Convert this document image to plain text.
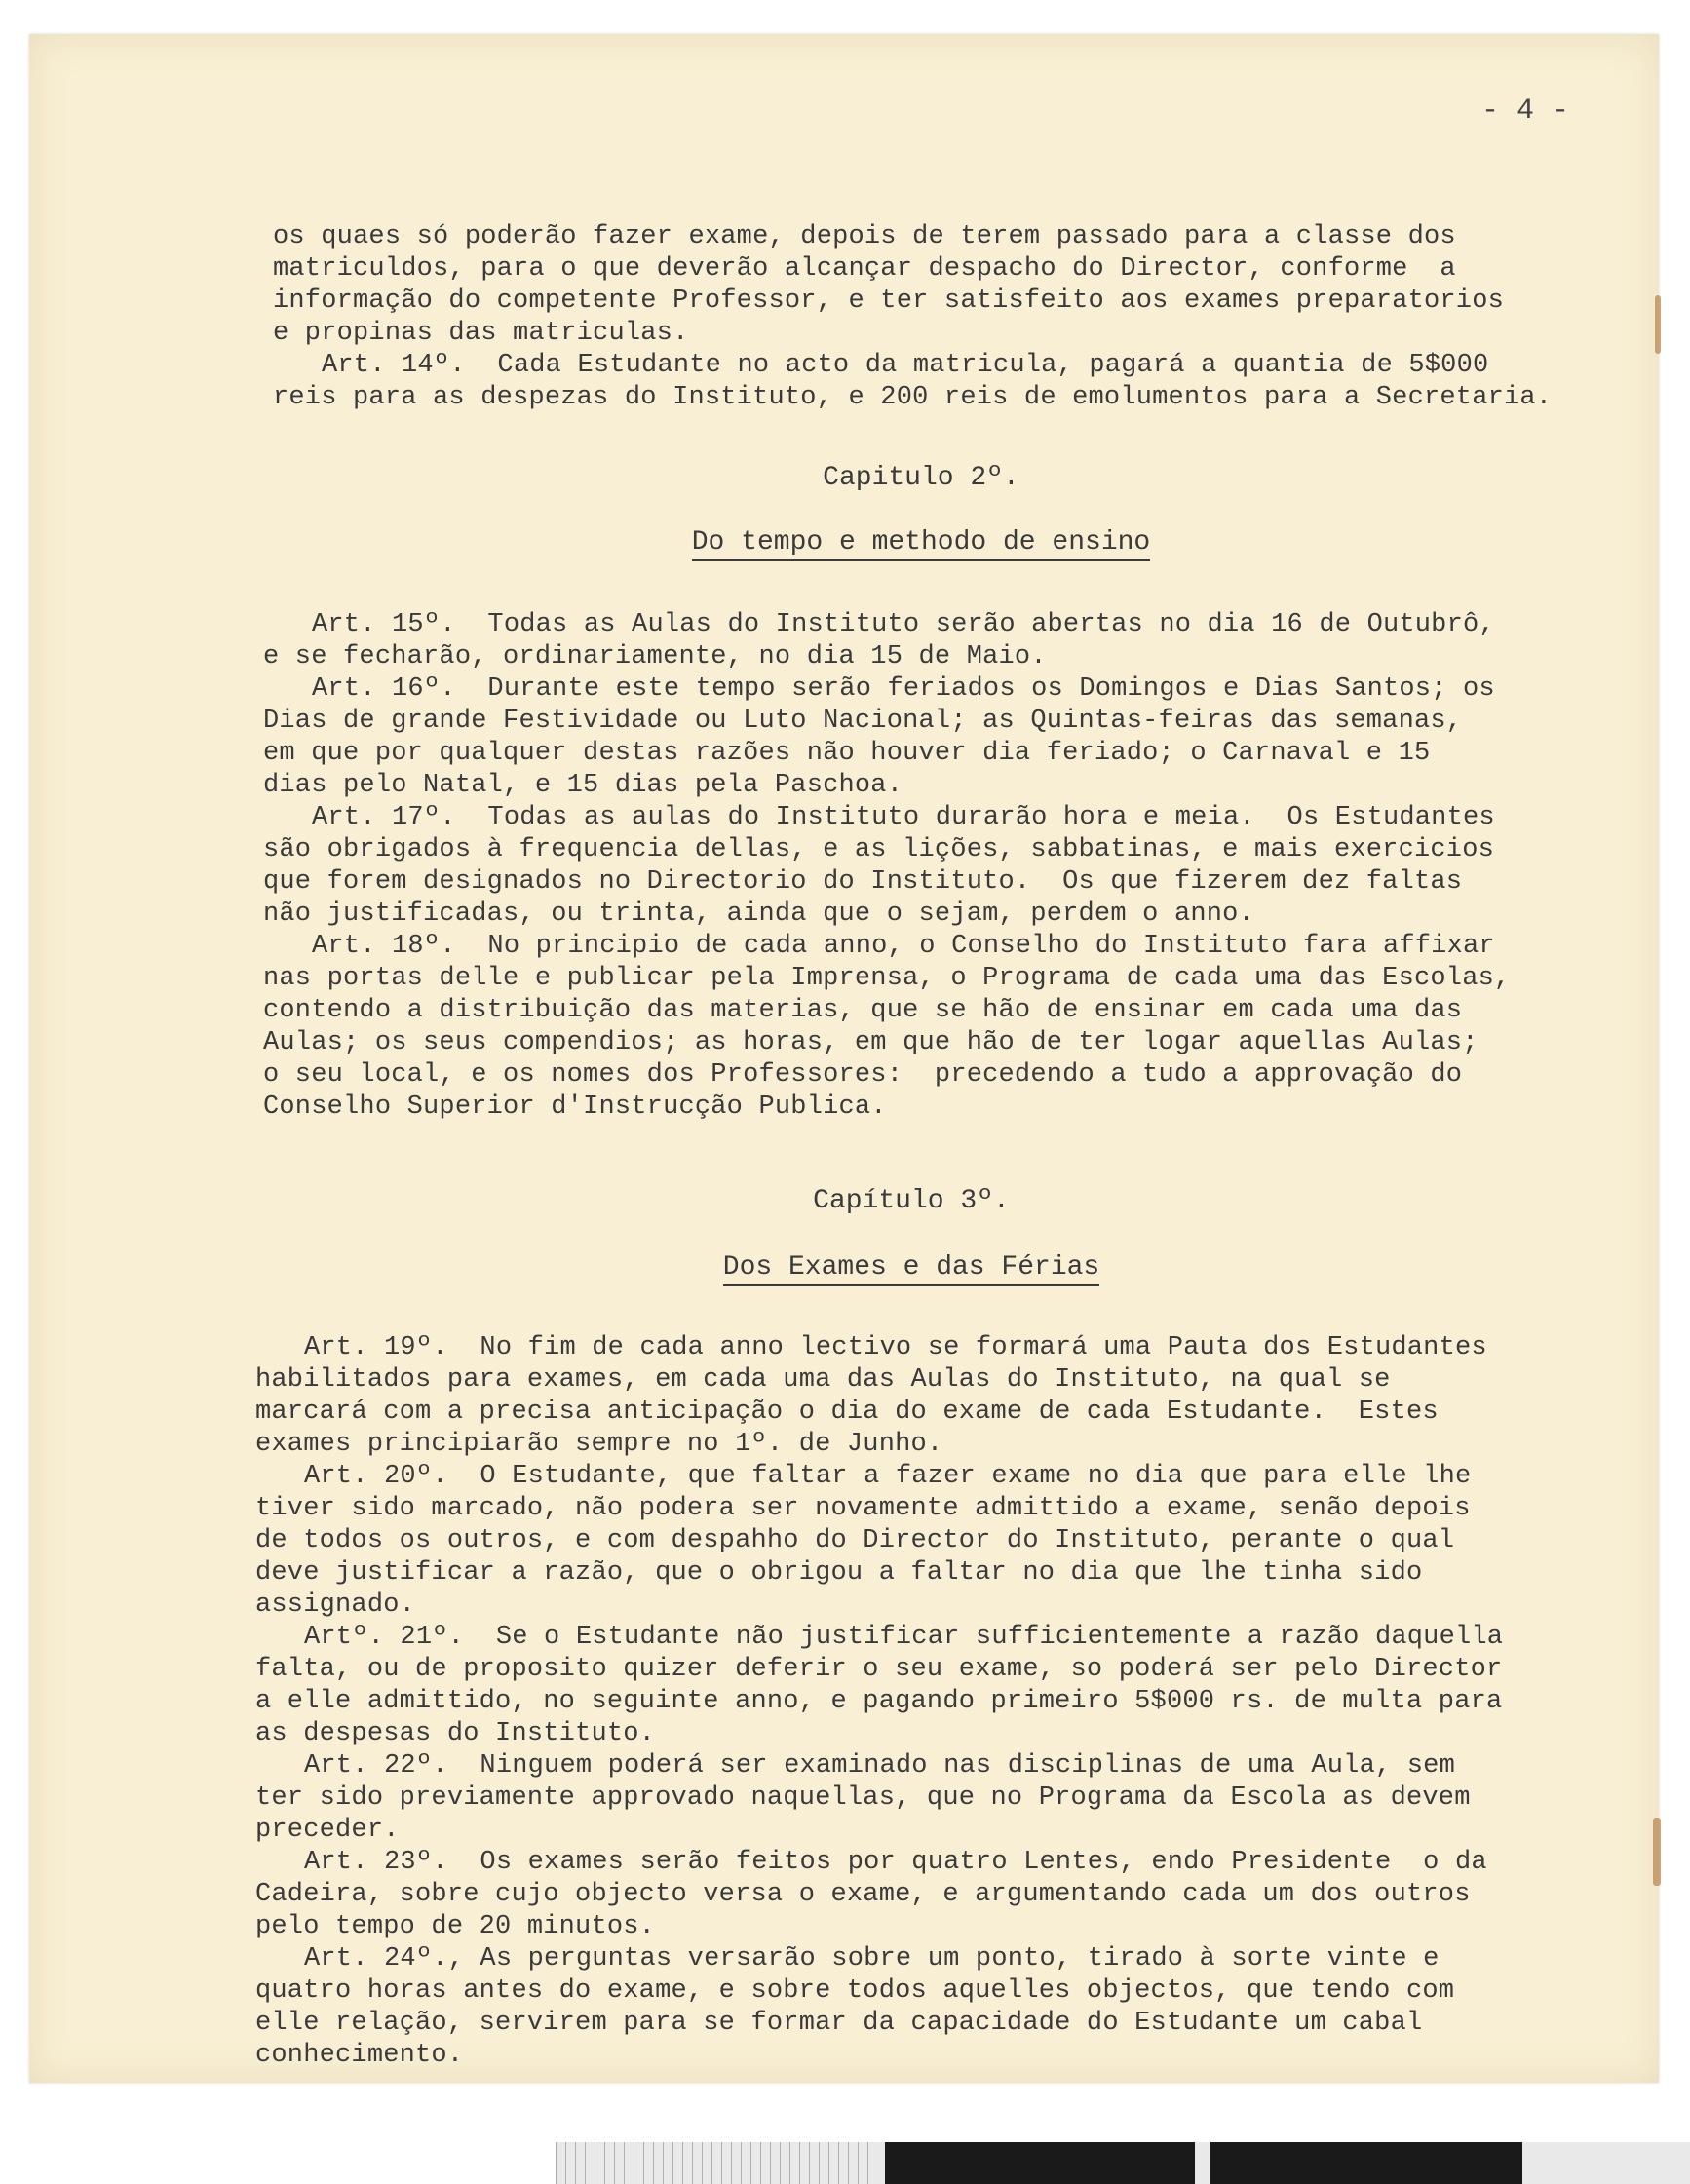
- 4 -
os quaes só poderão fazer exame, depois de terem passado para a classe dos
matriculdos, para o que deverão alcançar despacho do Director, conforme  a
informação do competente Professor, e ter satisfeito aos exames preparatorios
e propinas das matriculas.
Art. 14º.  Cada Estudante no acto da matricula, pagará a quantia de 5$000
reis para as despezas do Instituto, e 200 reis de emolumentos para a Secretaria.
Capitulo 2º.
Do tempo e methodo de ensino
Art. 15º.  Todas as Aulas do Instituto serão abertas no dia 16 de Outubrô,
e se fecharão, ordinariamente, no dia 15 de Maio.
Art. 16º.  Durante este tempo serão feriados os Domingos e Dias Santos; os
Dias de grande Festividade ou Luto Nacional; as Quintas-feiras das semanas,
em que por qualquer destas razões não houver dia feriado; o Carnaval e 15
dias pelo Natal, e 15 dias pela Paschoa.
Art. 17º.  Todas as aulas do Instituto durarão hora e meia.  Os Estudantes
são obrigados à frequencia dellas, e as lições, sabbatinas, e mais exercicios
que forem designados no Directorio do Instituto.  Os que fizerem dez faltas
não justificadas, ou trinta, ainda que o sejam, perdem o anno.
Art. 18º.  No principio de cada anno, o Conselho do Instituto fara affixar
nas portas delle e publicar pela Imprensa, o Programa de cada uma das Escolas,
contendo a distribuição das materias, que se hão de ensinar em cada uma das
Aulas; os seus compendios; as horas, em que hão de ter logar aquellas Aulas;
o seu local, e os nomes dos Professores:  precedendo a tudo a approvação do
Conselho Superior d'Instrucção Publica.
Capítulo 3º.
Dos Exames e das Férias
Art. 19º.  No fim de cada anno lectivo se formará uma Pauta dos Estudantes
habilitados para exames, em cada uma das Aulas do Instituto, na qual se
marcará com a precisa anticipação o dia do exame de cada Estudante.  Estes
exames principiarão sempre no 1º. de Junho.
Art. 20º.  O Estudante, que faltar a fazer exame no dia que para elle lhe
tiver sido marcado, não podera ser novamente admittido a exame, senão depois
de todos os outros, e com despahho do Director do Instituto, perante o qual
deve justificar a razão, que o obrigou a faltar no dia que lhe tinha sido
assignado.
Artº. 21º.  Se o Estudante não justificar sufficientemente a razão daquella
falta, ou de proposito quizer deferir o seu exame, so poderá ser pelo Director
a elle admittido, no seguinte anno, e pagando primeiro 5$000 rs. de multa para
as despesas do Instituto.
Art. 22º.  Ninguem poderá ser examinado nas disciplinas de uma Aula, sem
ter sido previamente approvado naquellas, que no Programa da Escola as devem
preceder.
Art. 23º.  Os exames serão feitos por quatro Lentes, endo Presidente  o da
Cadeira, sobre cujo objecto versa o exame, e argumentando cada um dos outros
pelo tempo de 20 minutos.
Art. 24º., As perguntas versarão sobre um ponto, tirado à sorte vinte e
quatro horas antes do exame, e sobre todos aquelles objectos, que tendo com
elle relação, servirem para se formar da capacidade do Estudante um cabal
conhecimento.
